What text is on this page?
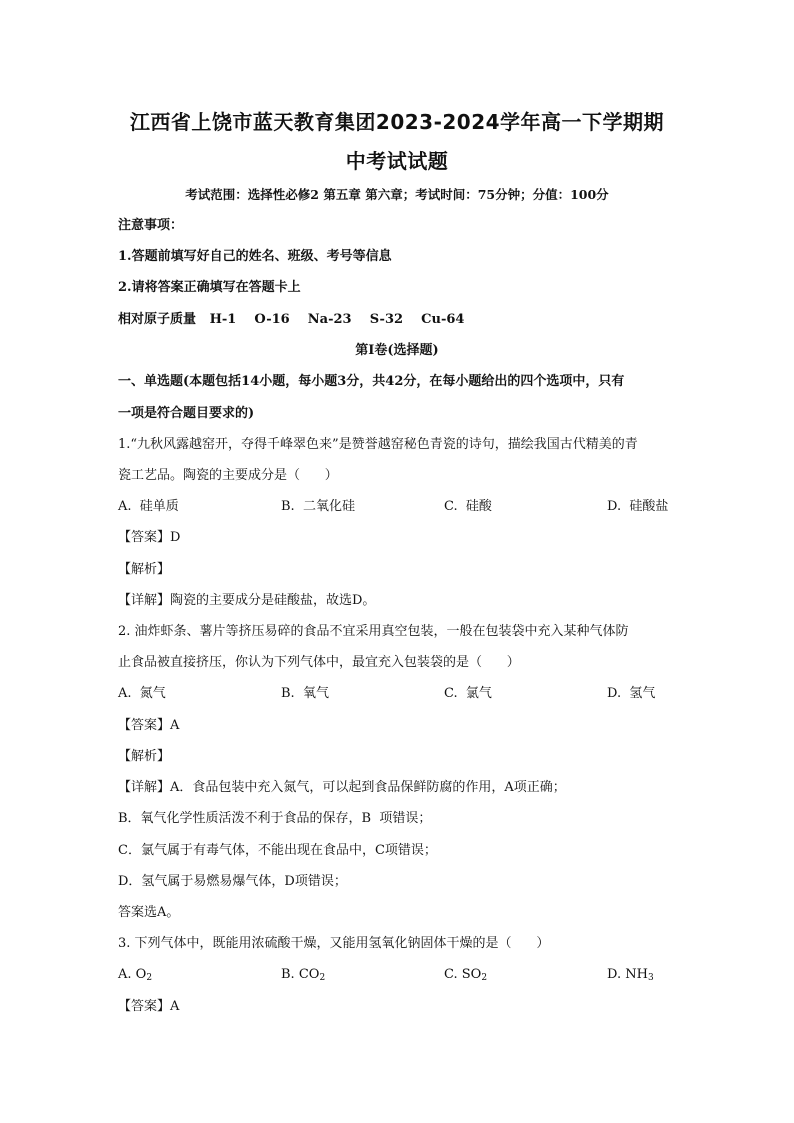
江西省上饶市蓝天教育集团2023-2024学年高一下学期期
中考试试题
考试范围：选择性必修2 第五章 第六章；考试时间：75分钟；分值：100分
注意事项：
1.答题前填写好自己的姓名、班级、考号等信息
2.请将答案正确填写在答题卡上
相对原子质量   H-1    O-16    Na-23    S-32    Cu-64
第I卷(选择题)
一、单选题(本题包括14小题，每小题3分，共42分，在每小题给出的四个选项中，只有
一项是符合题目要求的)
1.“九秋风露越窑开，夺得千峰翠色来”是赞誉越窑秘色青瓷的诗句，描绘我国古代精美的青
瓷工艺品。陶瓷的主要成分是（      ）
A.  硅单质	B.  二氧化硅	C.  硅酸	D.  硅酸盐
【答案】D
【解析】
【详解】陶瓷的主要成分是硅酸盐，故选D。
2. 油炸虾条、薯片等挤压易碎的食品不宜采用真空包装，一般在包装袋中充入某种气体防
止食品被直接挤压，你认为下列气体中，最宜充入包装袋的是（      ）
A.  氮气	B.  氧气	C.  氯气	D.  氢气
【答案】A
【解析】
【详解】A．食品包装中充入氮气，可以起到食品保鲜防腐的作用，A项正确；
B．氧气化学性质活泼不利于食品的保存，B  项错误；
C．氯气属于有毒气体，不能出现在食品中，C项错误；
D．氢气属于易燃易爆气体，D项错误；
答案选A。
3. 下列气体中，既能用浓硫酸干燥，又能用氢氧化钠固体干燥的是（      ）
A. $O_2$	B. $CO_2$	C. $SO_2$	D. $NH_3$
【答案】A
